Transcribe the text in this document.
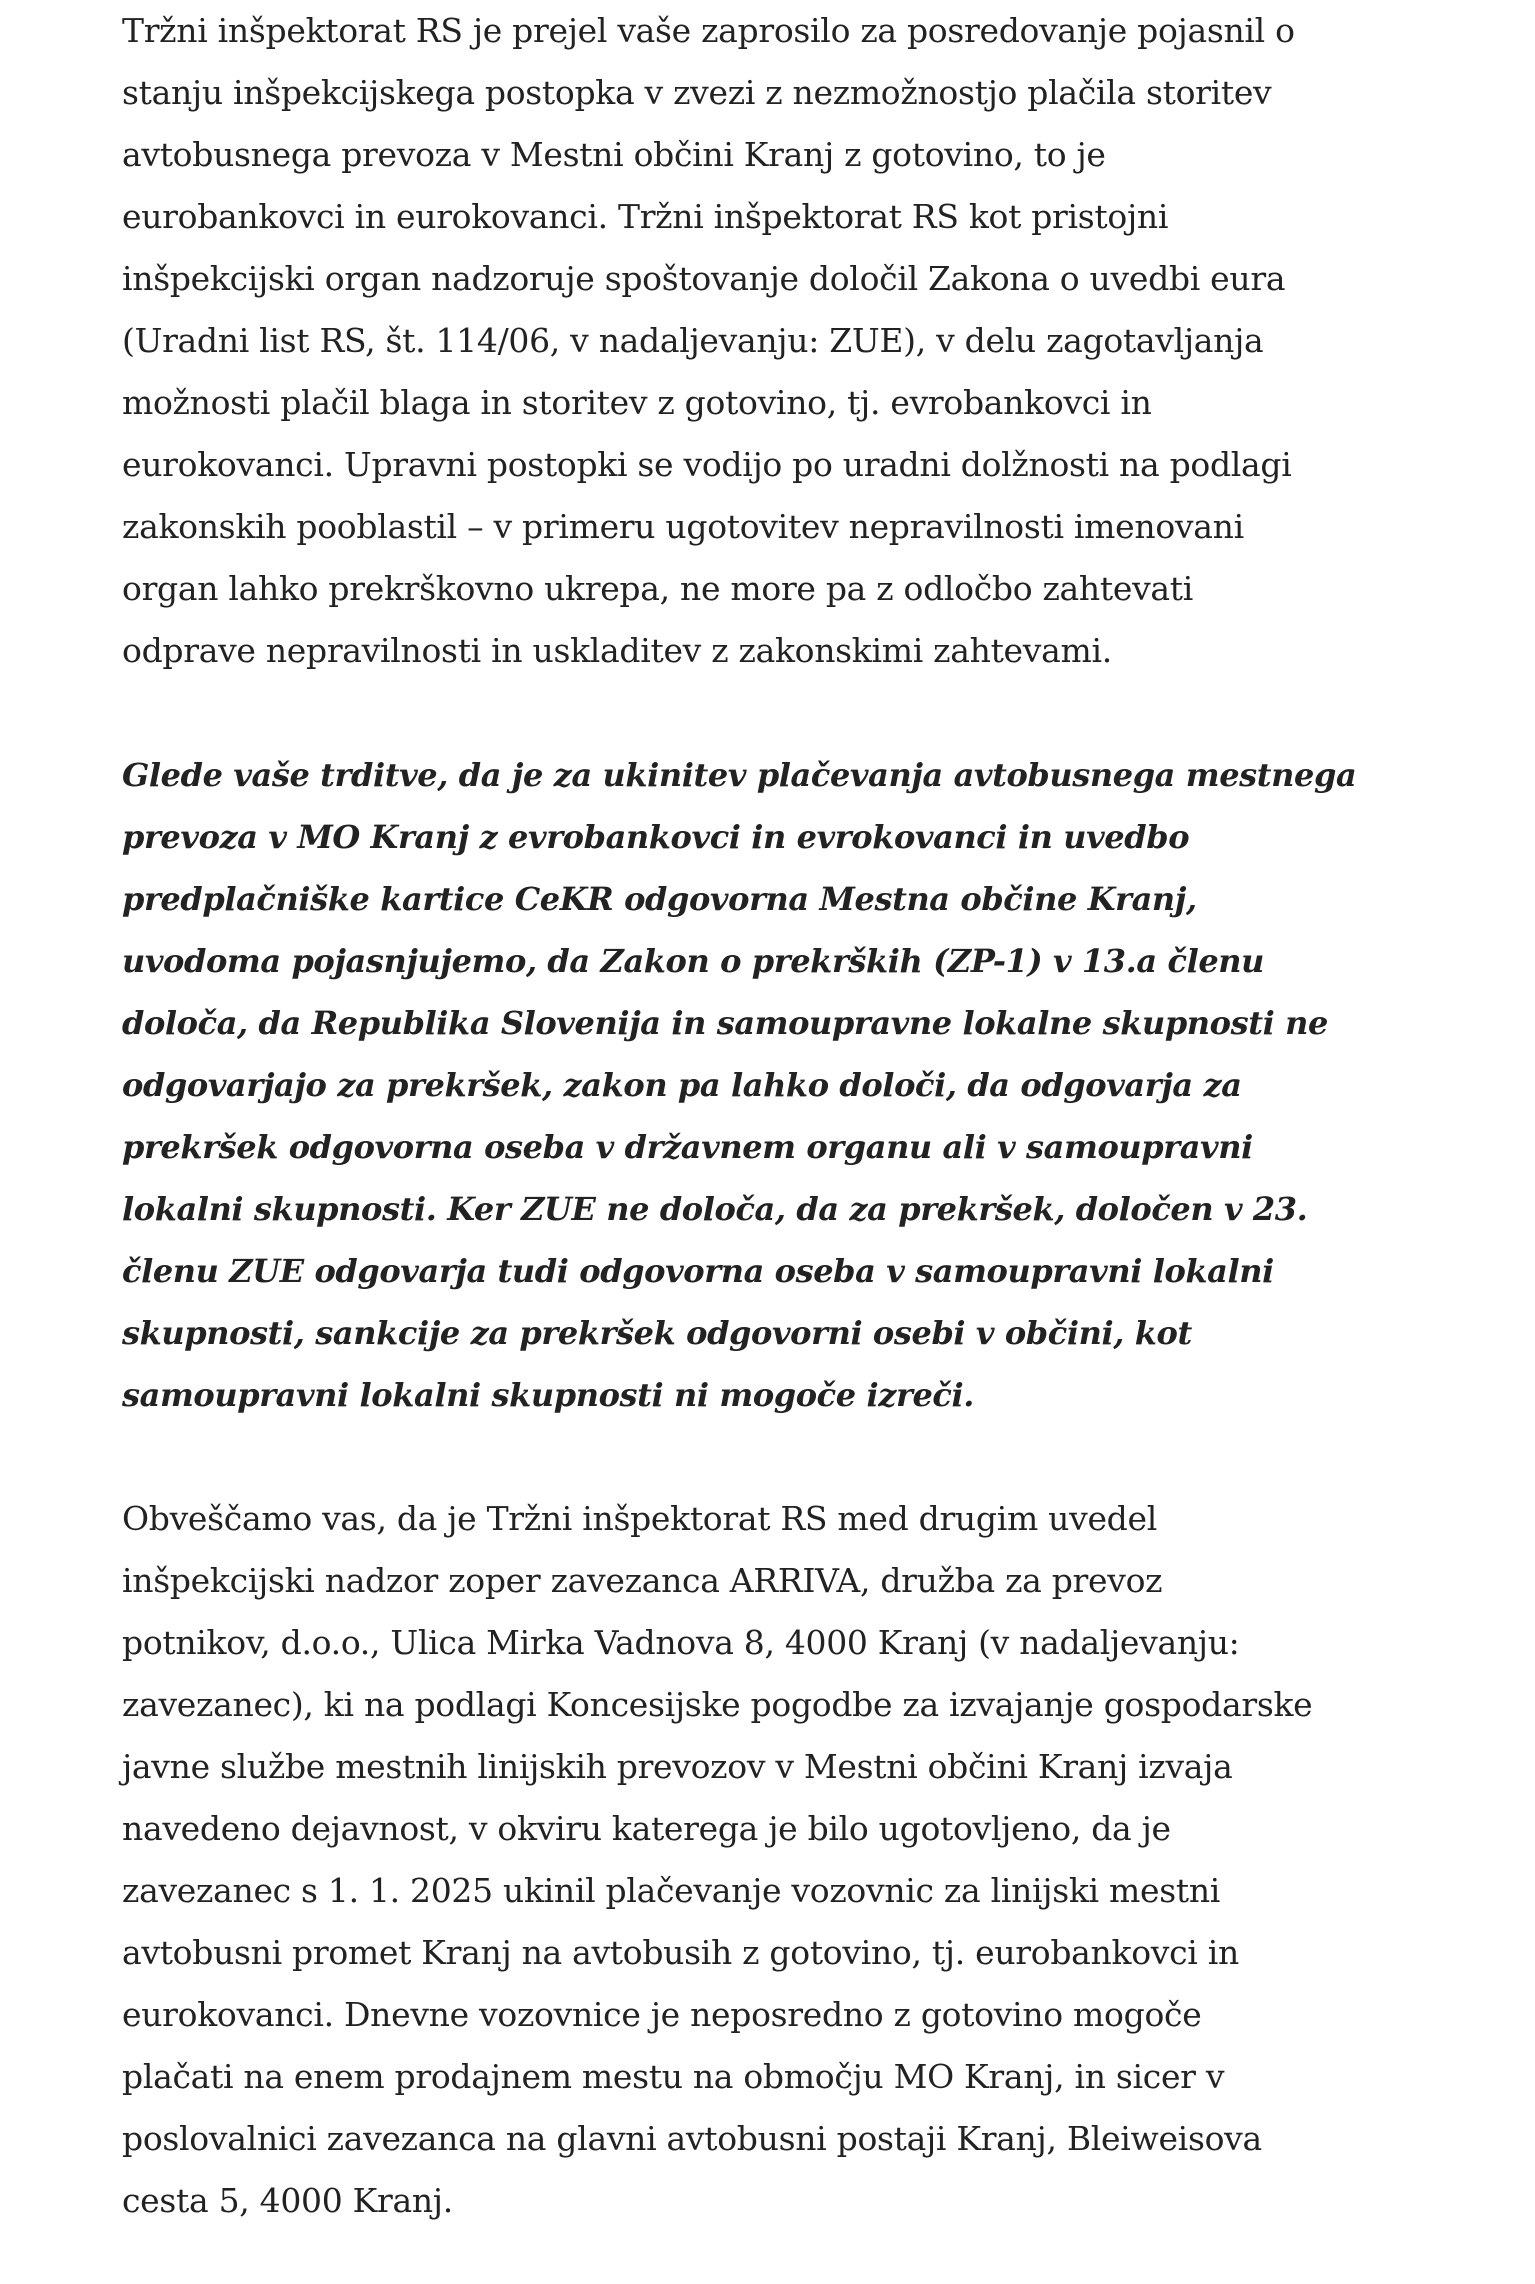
Tržni inšpektorat RS je prejel vaše zaprosilo za posredovanje pojasnil o
stanju inšpekcijskega postopka v zvezi z nezmožnostjo plačila storitev
avtobusnega prevoza v Mestni občini Kranj z gotovino, to je
eurobankovci in eurokovanci. Tržni inšpektorat RS kot pristojni
inšpekcijski organ nadzoruje spoštovanje določil Zakona o uvedbi eura
(Uradni list RS, št. 114/06, v nadaljevanju: ZUE), v delu zagotavljanja
možnosti plačil blaga in storitev z gotovino, tj. evrobankovci in
eurokovanci. Upravni postopki se vodijo po uradni dolžnosti na podlagi
zakonskih pooblastil – v primeru ugotovitev nepravilnosti imenovani
organ lahko prekrškovno ukrepa, ne more pa z odločbo zahtevati
odprave nepravilnosti in uskladitev z zakonskimi zahtevami.
Glede vaše trditve, da je za ukinitev plačevanja avtobusnega mestnega
prevoza v MO Kranj z evrobankovci in evrokovanci in uvedbo
predplačniške kartice CeKR odgovorna Mestna občine Kranj,
uvodoma pojasnjujemo, da Zakon o prekrških (ZP-1) v 13.a členu
določa, da Republika Slovenija in samoupravne lokalne skupnosti ne
odgovarjajo za prekršek, zakon pa lahko določi, da odgovarja za
prekršek odgovorna oseba v državnem organu ali v samoupravni
lokalni skupnosti. Ker ZUE ne določa, da za prekršek, določen v 23.
členu ZUE odgovarja tudi odgovorna oseba v samoupravni lokalni
skupnosti, sankcije za prekršek odgovorni osebi v občini, kot
samoupravni lokalni skupnosti ni mogoče izreči.
Obveščamo vas, da je Tržni inšpektorat RS med drugim uvedel
inšpekcijski nadzor zoper zavezanca ARRIVA, družba za prevoz
potnikov, d.o.o., Ulica Mirka Vadnova 8, 4000 Kranj (v nadaljevanju:
zavezanec), ki na podlagi Koncesijske pogodbe za izvajanje gospodarske
javne službe mestnih linijskih prevozov v Mestni občini Kranj izvaja
navedeno dejavnost, v okviru katerega je bilo ugotovljeno, da je
zavezanec s 1. 1. 2025 ukinil plačevanje vozovnic za linijski mestni
avtobusni promet Kranj na avtobusih z gotovino, tj. eurobankovci in
eurokovanci. Dnevne vozovnice je neposredno z gotovino mogoče
plačati na enem prodajnem mestu na območju MO Kranj, in sicer v
poslovalnici zavezanca na glavni avtobusni postaji Kranj, Bleiweisova
cesta 5, 4000 Kranj.
